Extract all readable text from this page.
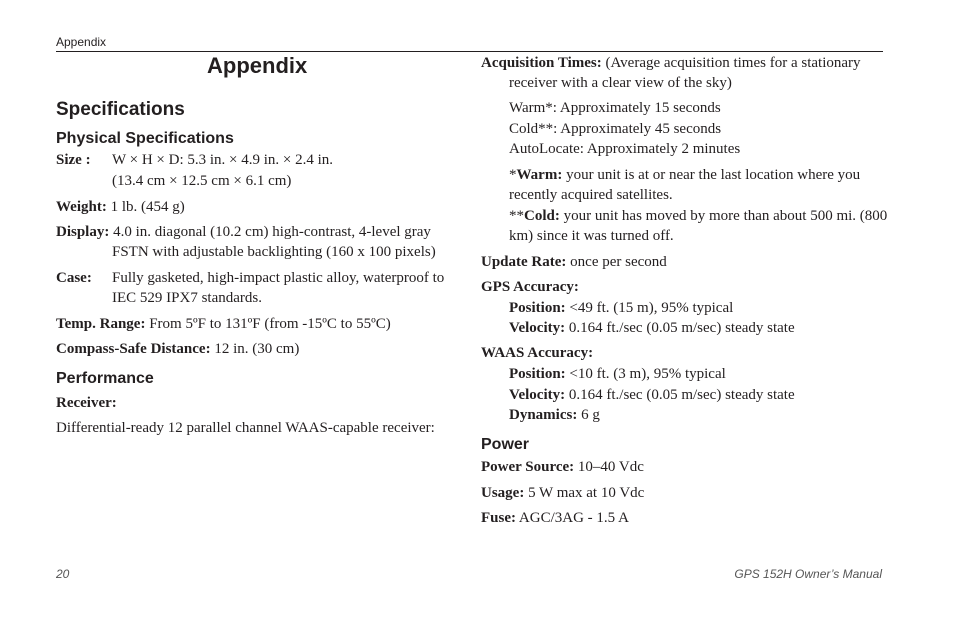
Appendix
Appendix
Specifications
Physical Specifications
Size : W × H × D: 5.3 in. × 4.9 in. × 2.4 in.
(13.4 cm × 12.5 cm × 6.1 cm)
Weight: 1 lb. (454 g)
Display: 4.0 in. diagonal (10.2 cm) high-contrast, 4-level gray
FSTN with adjustable backlighting (160 x 100 pixels)
Case: Fully gasketed, high-impact plastic alloy, waterproof to
IEC 529 IPX7 standards.
Temp. Range: From 5ºF to 131ºF (from -15ºC to 55ºC)
Compass-Safe Distance: 12 in. (30 cm)
Performance
Receiver:
Differential-ready 12 parallel channel WAAS-capable receiver:
Acquisition Times: (Average acquisition times for a stationary
receiver with a clear view of the sky)
Warm*: Approximately 15 seconds
Cold**: Approximately 45 seconds
AutoLocate: Approximately 2 minutes
*Warm: your unit is at or near the last location where you
recently acquired satellites.
**Cold: your unit has moved by more than about 500 mi. (800
km) since it was turned off.
Update Rate: once per second
GPS Accuracy:
Position: <49 ft. (15 m), 95% typical
Velocity: 0.164 ft./sec (0.05 m/sec) steady state
WAAS Accuracy:
Position: <10 ft. (3 m), 95% typical
Velocity: 0.164 ft./sec (0.05 m/sec) steady state
Dynamics: 6 g
Power
Power Source: 10–40 Vdc
Usage: 5 W max at 10 Vdc
Fuse: AGC/3AG - 1.5 A
20	GPS 152H Owner’s Manual
